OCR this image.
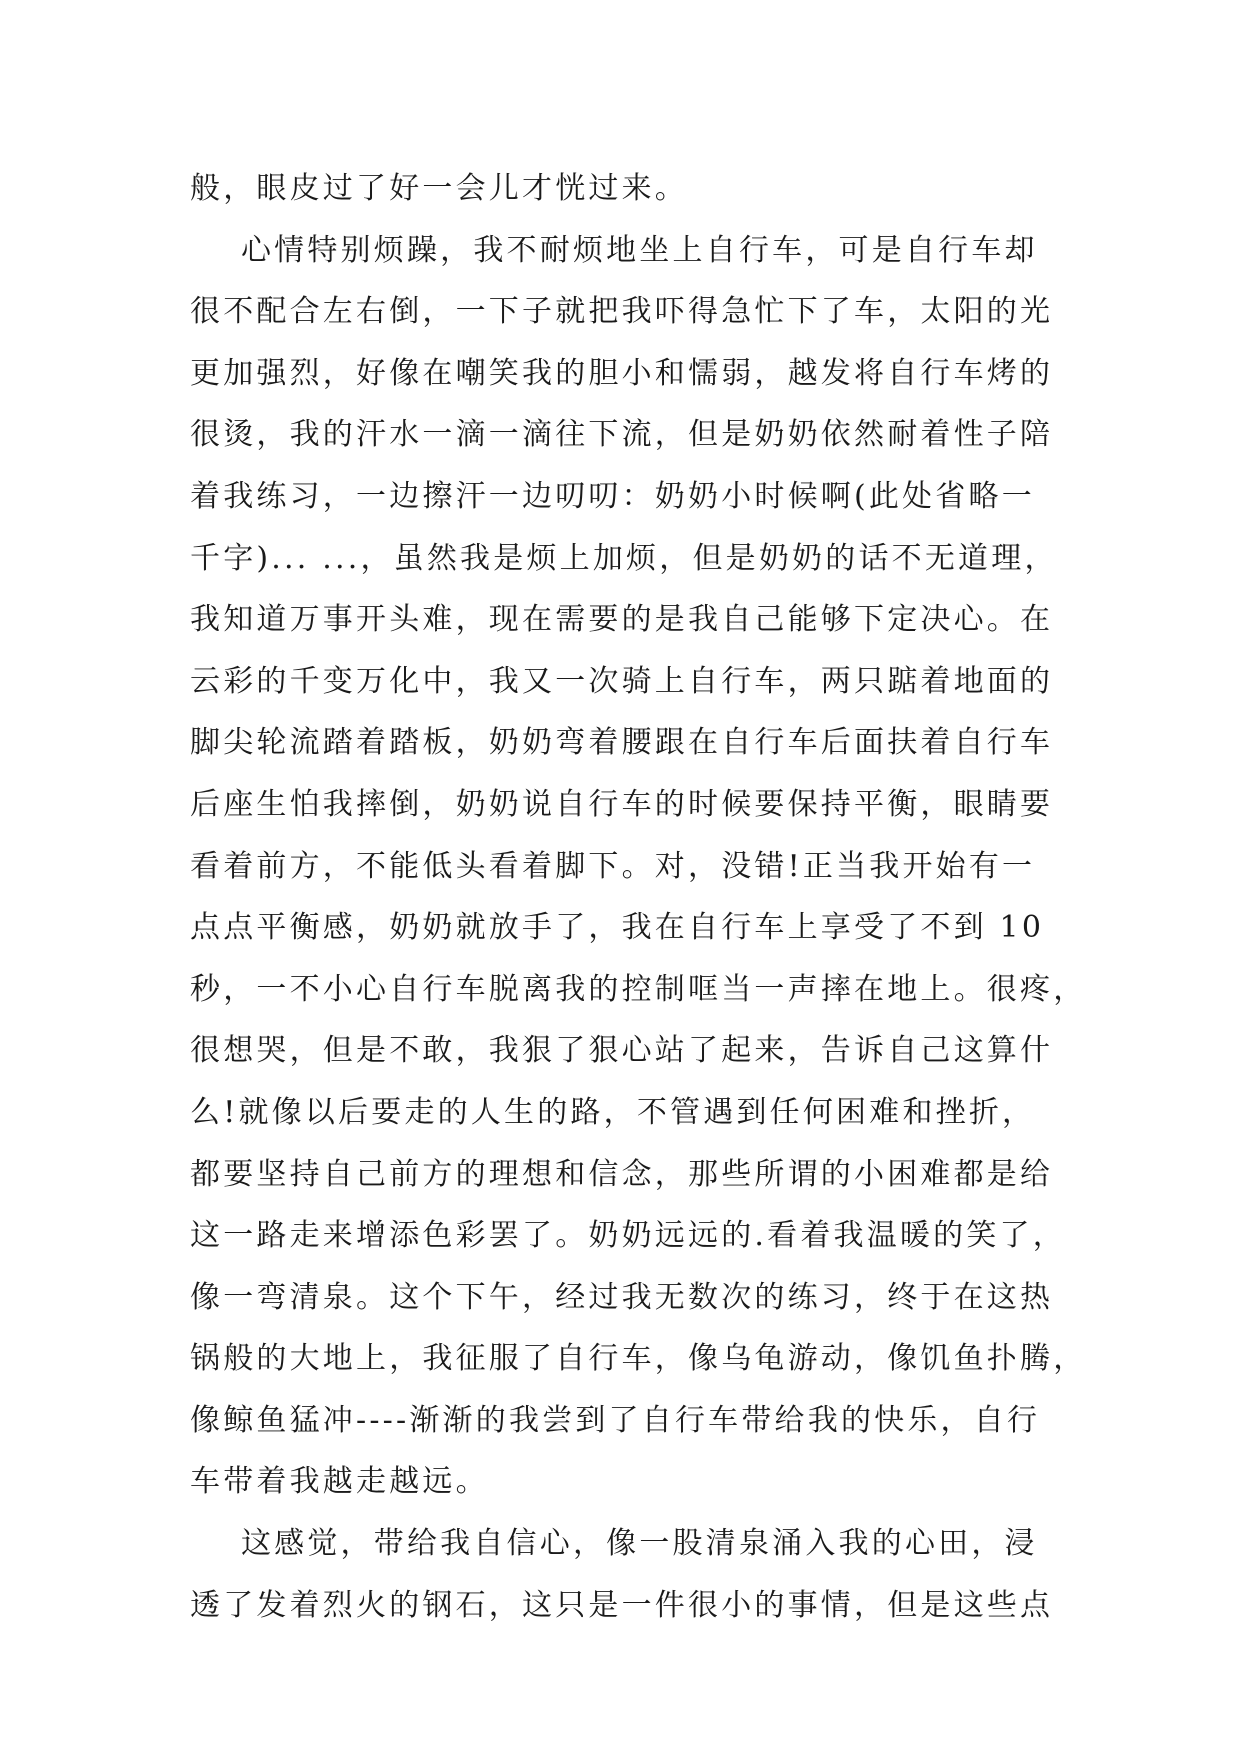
般，眼皮过了好一会儿才恍过来。
心情特别烦躁，我不耐烦地坐上自行车，可是自行车却
很不配合左右倒，一下子就把我吓得急忙下了车，太阳的光
更加强烈，好像在嘲笑我的胆小和懦弱，越发将自行车烤的
很烫，我的汗水一滴一滴往下流，但是奶奶依然耐着性子陪
着我练习，一边擦汗一边叨叨：奶奶小时候啊(此处省略一
千字)... ...，虽然我是烦上加烦，但是奶奶的话不无道理，
我知道万事开头难，现在需要的是我自己能够下定决心。在
云彩的千变万化中，我又一次骑上自行车，两只踮着地面的
脚尖轮流踏着踏板，奶奶弯着腰跟在自行车后面扶着自行车
后座生怕我摔倒，奶奶说自行车的时候要保持平衡，眼睛要
看着前方，不能低头看着脚下。对，没错!正当我开始有一
点点平衡感，奶奶就放手了，我在自行车上享受了不到 10
秒，一不小心自行车脱离我的控制哐当一声摔在地上。很疼，
很想哭，但是不敢，我狠了狠心站了起来，告诉自己这算什
么!就像以后要走的人生的路，不管遇到任何困难和挫折，
都要坚持自己前方的理想和信念，那些所谓的小困难都是给
这一路走来增添色彩罢了。奶奶远远的.看着我温暖的笑了，
像一弯清泉。这个下午，经过我无数次的练习，终于在这热
锅般的大地上，我征服了自行车，像乌龟游动，像饥鱼扑腾，
像鲸鱼猛冲----渐渐的我尝到了自行车带给我的快乐，自行
车带着我越走越远。
这感觉，带给我自信心，像一股清泉涌入我的心田，浸
透了发着烈火的钢石，这只是一件很小的事情，但是这些点
